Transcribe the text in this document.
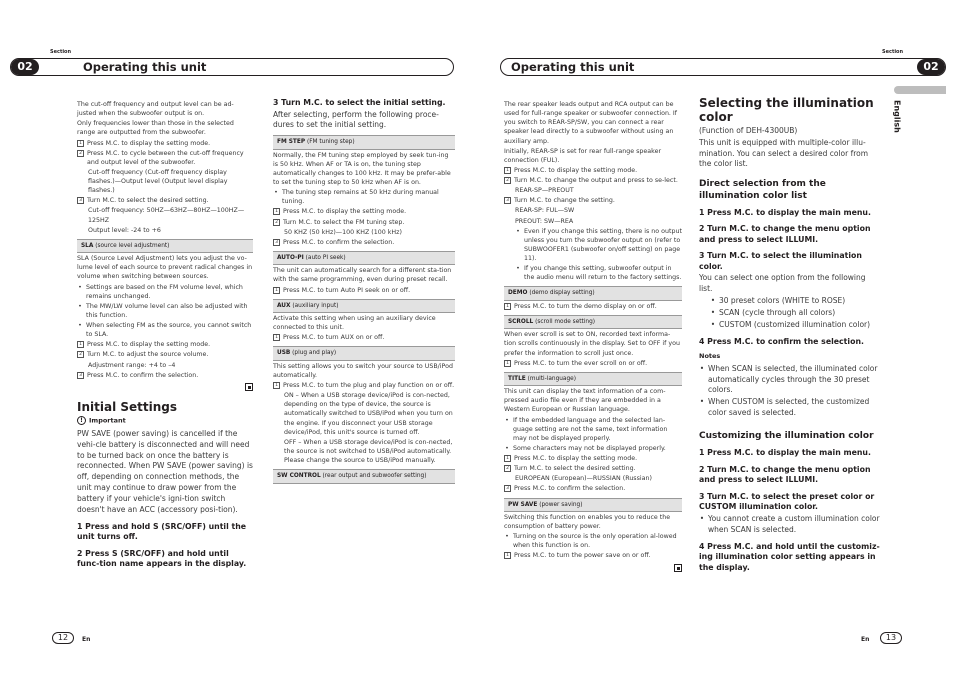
Section
02	Operating this unit
Section
Operating this unit	02
English

The cut-off frequency and output level can be ad-justed when the subwoofer output is on.

Only frequencies lower than those in the selected range are outputted from the subwoofer.

1 Press M.C. to display the setting mode.
2 Press M.C. to cycle between the cut-off frequency and output level of the subwoofer.
Cut-off frequency (Cut-off frequency display flashes.)—Output level (Output level display flashes.)
3 Turn M.C. to select the desired setting.
Cut-off frequency: 50HZ—63HZ—80HZ—100HZ—125HZ
Output level: -24 to +6
SLA (source level adjustment)

SLA (Source Level Adjustment) lets you adjust the vo-lume level of each source to prevent radical changes in volume when switching between sources.

• Settings are based on the FM volume level, which remains unchanged.
• The MW/LW volume level can also be adjusted with this function.
• When selecting FM as the source, you cannot switch to SLA.
1 Press M.C. to display the setting mode.
2 Turn M.C. to adjust the source volume.
Adjustment range: +4 to –4
3 Press M.C. to confirm the selection.
Initial Settings
! Important

PW SAVE (power saving) is cancelled if the vehi-cle battery is disconnected and will need to be turned back on once the battery is reconnected. When PW SAVE (power saving) is off, depending on connection methods, the unit may continue to draw power from the battery if your vehicle's igni-tion switch doesn't have an ACC (accessory posi-tion).

1 Press and hold S (SRC/OFF) until the unit turns off.
2 Press S (SRC/OFF) and hold until func-tion name appears in the display.
3 Turn M.C. to select the initial setting.

After selecting, perform the following proce-dures to set the initial setting.

FM STEP (FM tuning step)

Normally, the FM tuning step employed by seek tun-ing is 50 kHz. When AF or TA is on, the tuning step automatically changes to 100 kHz. It may be prefer-able to set the tuning step to 50 kHz when AF is on.

• The tuning step remains at 50 kHz during manual tuning.
1 Press M.C. to display the setting mode.
2 Turn M.C. to select the FM tuning step.
50 KHZ (50 kHz)—100 KHZ (100 kHz)
3 Press M.C. to confirm the selection.
AUTO-PI (auto PI seek)

The unit can automatically search for a different sta-tion with the same programming, even during preset recall.

1 Press M.C. to turn Auto PI seek on or off.
AUX (auxiliary input)

Activate this setting when using an auxiliary device connected to this unit.

1 Press M.C. to turn AUX on or off.
USB (plug and play)

This setting allows you to switch your source to USB/iPod automatically.

1 Press M.C. to turn the plug and play function on or off.
ON – When a USB storage device/iPod is con-nected, depending on the type of device, the source is automatically switched to USB/iPod when you turn on the engine. If you disconnect your USB storage device/iPod, this unit's source is turned off.
OFF – When a USB storage device/iPod is con-nected, the source is not switched to USB/iPod automatically. Please change the source to USB/iPod manually.
SW CONTROL (rear output and subwoofer setting)

The rear speaker leads output and RCA output can be used for full-range speaker or subwoofer connection. If you switch to REAR-SP/SW, you can connect a rear speaker lead directly to a subwoofer without using an auxiliary amp.

Initially, REAR-SP is set for rear full-range speaker connection (FUL).

1 Press M.C. to display the setting mode.
2 Turn M.C. to change the output and press to se-lect.
REAR-SP—PREOUT
3 Turn M.C. to change the setting.
REAR-SP: FUL—SW
PREOUT: SW—REA
• Even if you change this setting, there is no output unless you turn the subwoofer output on (refer to SUBWOOFER1 (subwoofer on/off setting) on page 11).
• If you change this setting, subwoofer output in the audio menu will return to the factory settings.
DEMO (demo display setting)
1 Press M.C. to turn the demo display on or off.
SCROLL (scroll mode setting)

When ever scroll is set to ON, recorded text informa-tion scrolls continuously in the display. Set to OFF if you prefer the information to scroll just once.

1 Press M.C. to turn the ever scroll on or off.
TITLE (multi-language)

This unit can display the text information of a com-pressed audio file even if they are embedded in a Western European or Russian language.

• If the embedded language and the selected lan-guage setting are not the same, text information may not be displayed properly.
• Some characters may not be displayed properly.
1 Press M.C. to display the setting mode.
2 Turn M.C. to select the desired setting.
EUROPEAN (European)—RUSSIAN (Russian)
3 Press M.C. to confirm the selection.
PW SAVE (power saving)

Switching this function on enables you to reduce the consumption of battery power.

• Turning on the source is the only operation al-lowed when this function is on.
1 Press M.C. to turn the power save on or off.
Selecting the illumination color

(Function of DEH-4300UB)

This unit is equipped with multiple-color illu-mination. You can select a desired color from the color list.

Direct selection from the illumination color list
1 Press M.C. to display the main menu.
2 Turn M.C. to change the menu option and press to select ILLUMI.
3 Turn M.C. to select the illumination color.

You can select one option from the following list.

• 30 preset colors (WHITE to ROSE)
• SCAN (cycle through all colors)
• CUSTOM (customized illumination color)
4 Press M.C. to confirm the selection.
Notes
• When SCAN is selected, the illuminated color automatically cycles through the 30 preset colors.
• When CUSTOM is selected, the customized color saved is selected.
Customizing the illumination color
1 Press M.C. to display the main menu.
2 Turn M.C. to change the menu option and press to select ILLUMI.
3 Turn M.C. to select the preset color or CUSTOM illumination color.
• You cannot create a custom illumination color when SCAN is selected.
4 Press M.C. and hold until the customiz-ing illumination color setting appears in the display.
12	En	En	13
